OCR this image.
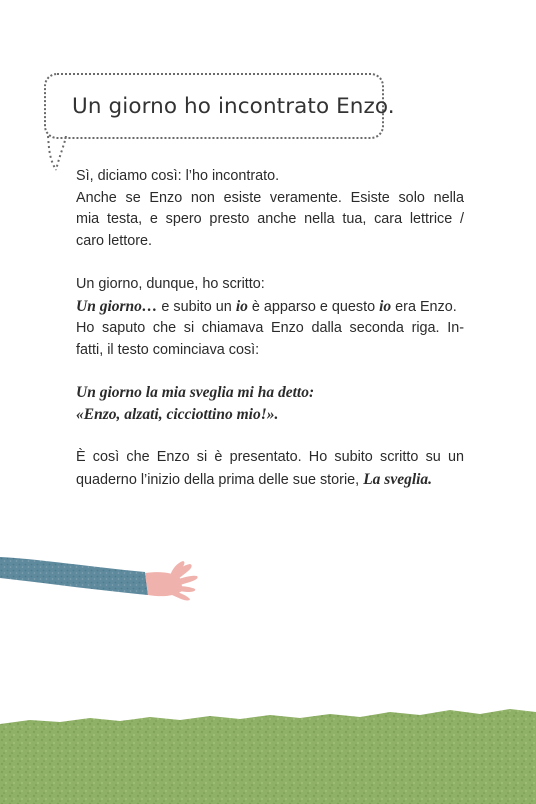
Un giorno ho incontrato Enzo.

Sì, diciamo così: l’ho incontrato.
Anche se Enzo non esiste veramente. Esiste solo nella
mia testa, e spero presto anche nella tua, cara lettrice /
caro lettore.

Un giorno, dunque, ho scritto:
Un giorno… e subito un io è apparso e questo io era Enzo.
Ho saputo che si chiamava Enzo dalla seconda riga. In-
fatti, il testo cominciava così:

Un giorno la mia sveglia mi ha detto:
«Enzo, alzati, cicciottino mio!».

È così che Enzo si è presentato. Ho subito scritto su un
quaderno l’inizio della prima delle sue storie, La sveglia.
